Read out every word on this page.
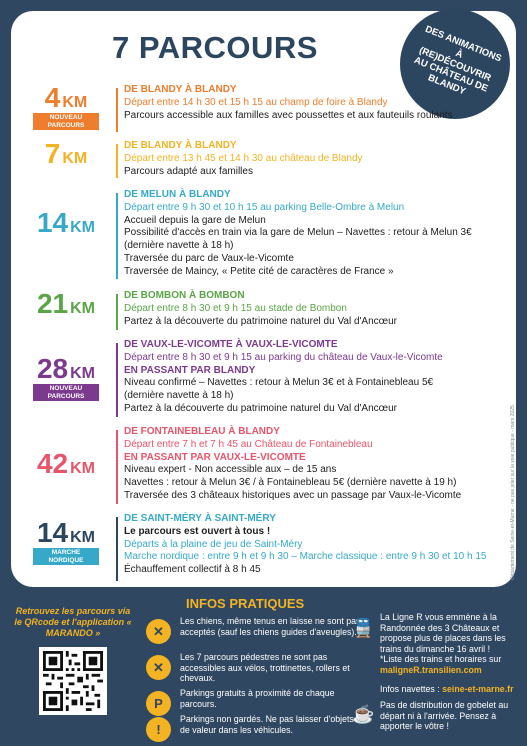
7 PARCOURS	DES ANIMATIONS À (RE)DÉCOUVRIR AU CHÂTEAU DE BLANDY
4 KM
NOUVEAU PARCOURS
DE BLANDY À BLANDY
Départ entre 14 h 30 et 15 h 15 au champ de foire à Blandy
Parcours accessible aux familles avec poussettes et aux fauteuils roulants
7 KM
DE BLANDY À BLANDY
Départ entre 13 h 45 et 14 h 30 au château de Blandy
Parcours adapté aux familles
14 KM
DE MELUN À BLANDY
Départ entre 9 h 30 et 10 h 15 au parking Belle-Ombre à Melun
Accueil depuis la gare de Melun
Possibilité d'accès en train via la gare de Melun – Navettes : retour à Melun 3€
(dernière navette à 18 h)
Traversée du parc de Vaux-le-Vicomte
Traversée de Maincy, « Petite cité de caractères de France »
21 KM
DE BOMBON À BOMBON
Départ entre 8 h 30 et 9 h 15 au stade de Bombon
Partez à la découverte du patrimoine naturel du Val d'Ancœur
28 KM
NOUVEAU PARCOURS
DE VAUX-LE-VICOMTE À VAUX-LE-VICOMTE
Départ entre 8 h 30 et 9 h 15 au parking du château de Vaux-le-Vicomte
EN PASSANT PAR BLANDY
Niveau confirmé – Navettes : retour à Melun 3€ et à Fontainebleau 5€
(dernière navette à 18 h)
Partez à la découverte du patrimoine naturel du Val d'Ancœur
42 KM
DE FONTAINEBLEAU À BLANDY
Départ entre 7 h et 7 h 45 au Château de Fontainebleau
EN PASSANT PAR VAUX-LE-VICOMTE
Niveau expert - Non accessible aux – de 15 ans
Navettes : retour à Melun 3€ / à Fontainebleau 5€ (dernière navette à 19 h)
Traversée des 3 châteaux historiques avec un passage par Vaux-le-Vicomte
14 KM
MARCHE NORDIQUE
DE SAINT-MÉRY À SAINT-MÉRY
Le parcours est ouvert à tous !
Départs à la plaine de jeu de Saint-Méry
Marche nordique : entre 9 h et 9 h 30 – Marche classique : entre 9 h 30 et 10 h 15
Échauffement collectif à 8 h 45	Département de Seine-et-Marne - ne pas jeter sur la voie publique - mars 2025
Retrouvez les parcours via le QRcode et l'application « MARANDO »
INFOS PRATIQUES
✕
Les chiens, même tenus en laisse ne sont pas acceptés (sauf les chiens guides d'aveugles).
✕
Les 7 parcours pédestres ne sont pas accessibles aux vélos, trottinettes, rollers et chevaux.
P
Parkings gratuits à proximité de chaque parcours.
!
Parkings non gardés. Ne pas laisser d'objets de valeur dans les véhicules.
🚆
La Ligne R vous emmène à la Randonnée des 3 Châteaux et propose plus de places dans les trains du dimanche 16 avril !
*Liste des trains et horaires sur
maligneR.transilien.com
Infos navettes : seine-et-marne.fr
☕ Pas de distribution de gobelet au départ ni à l'arrivée. Pensez à apporter le vôtre !
